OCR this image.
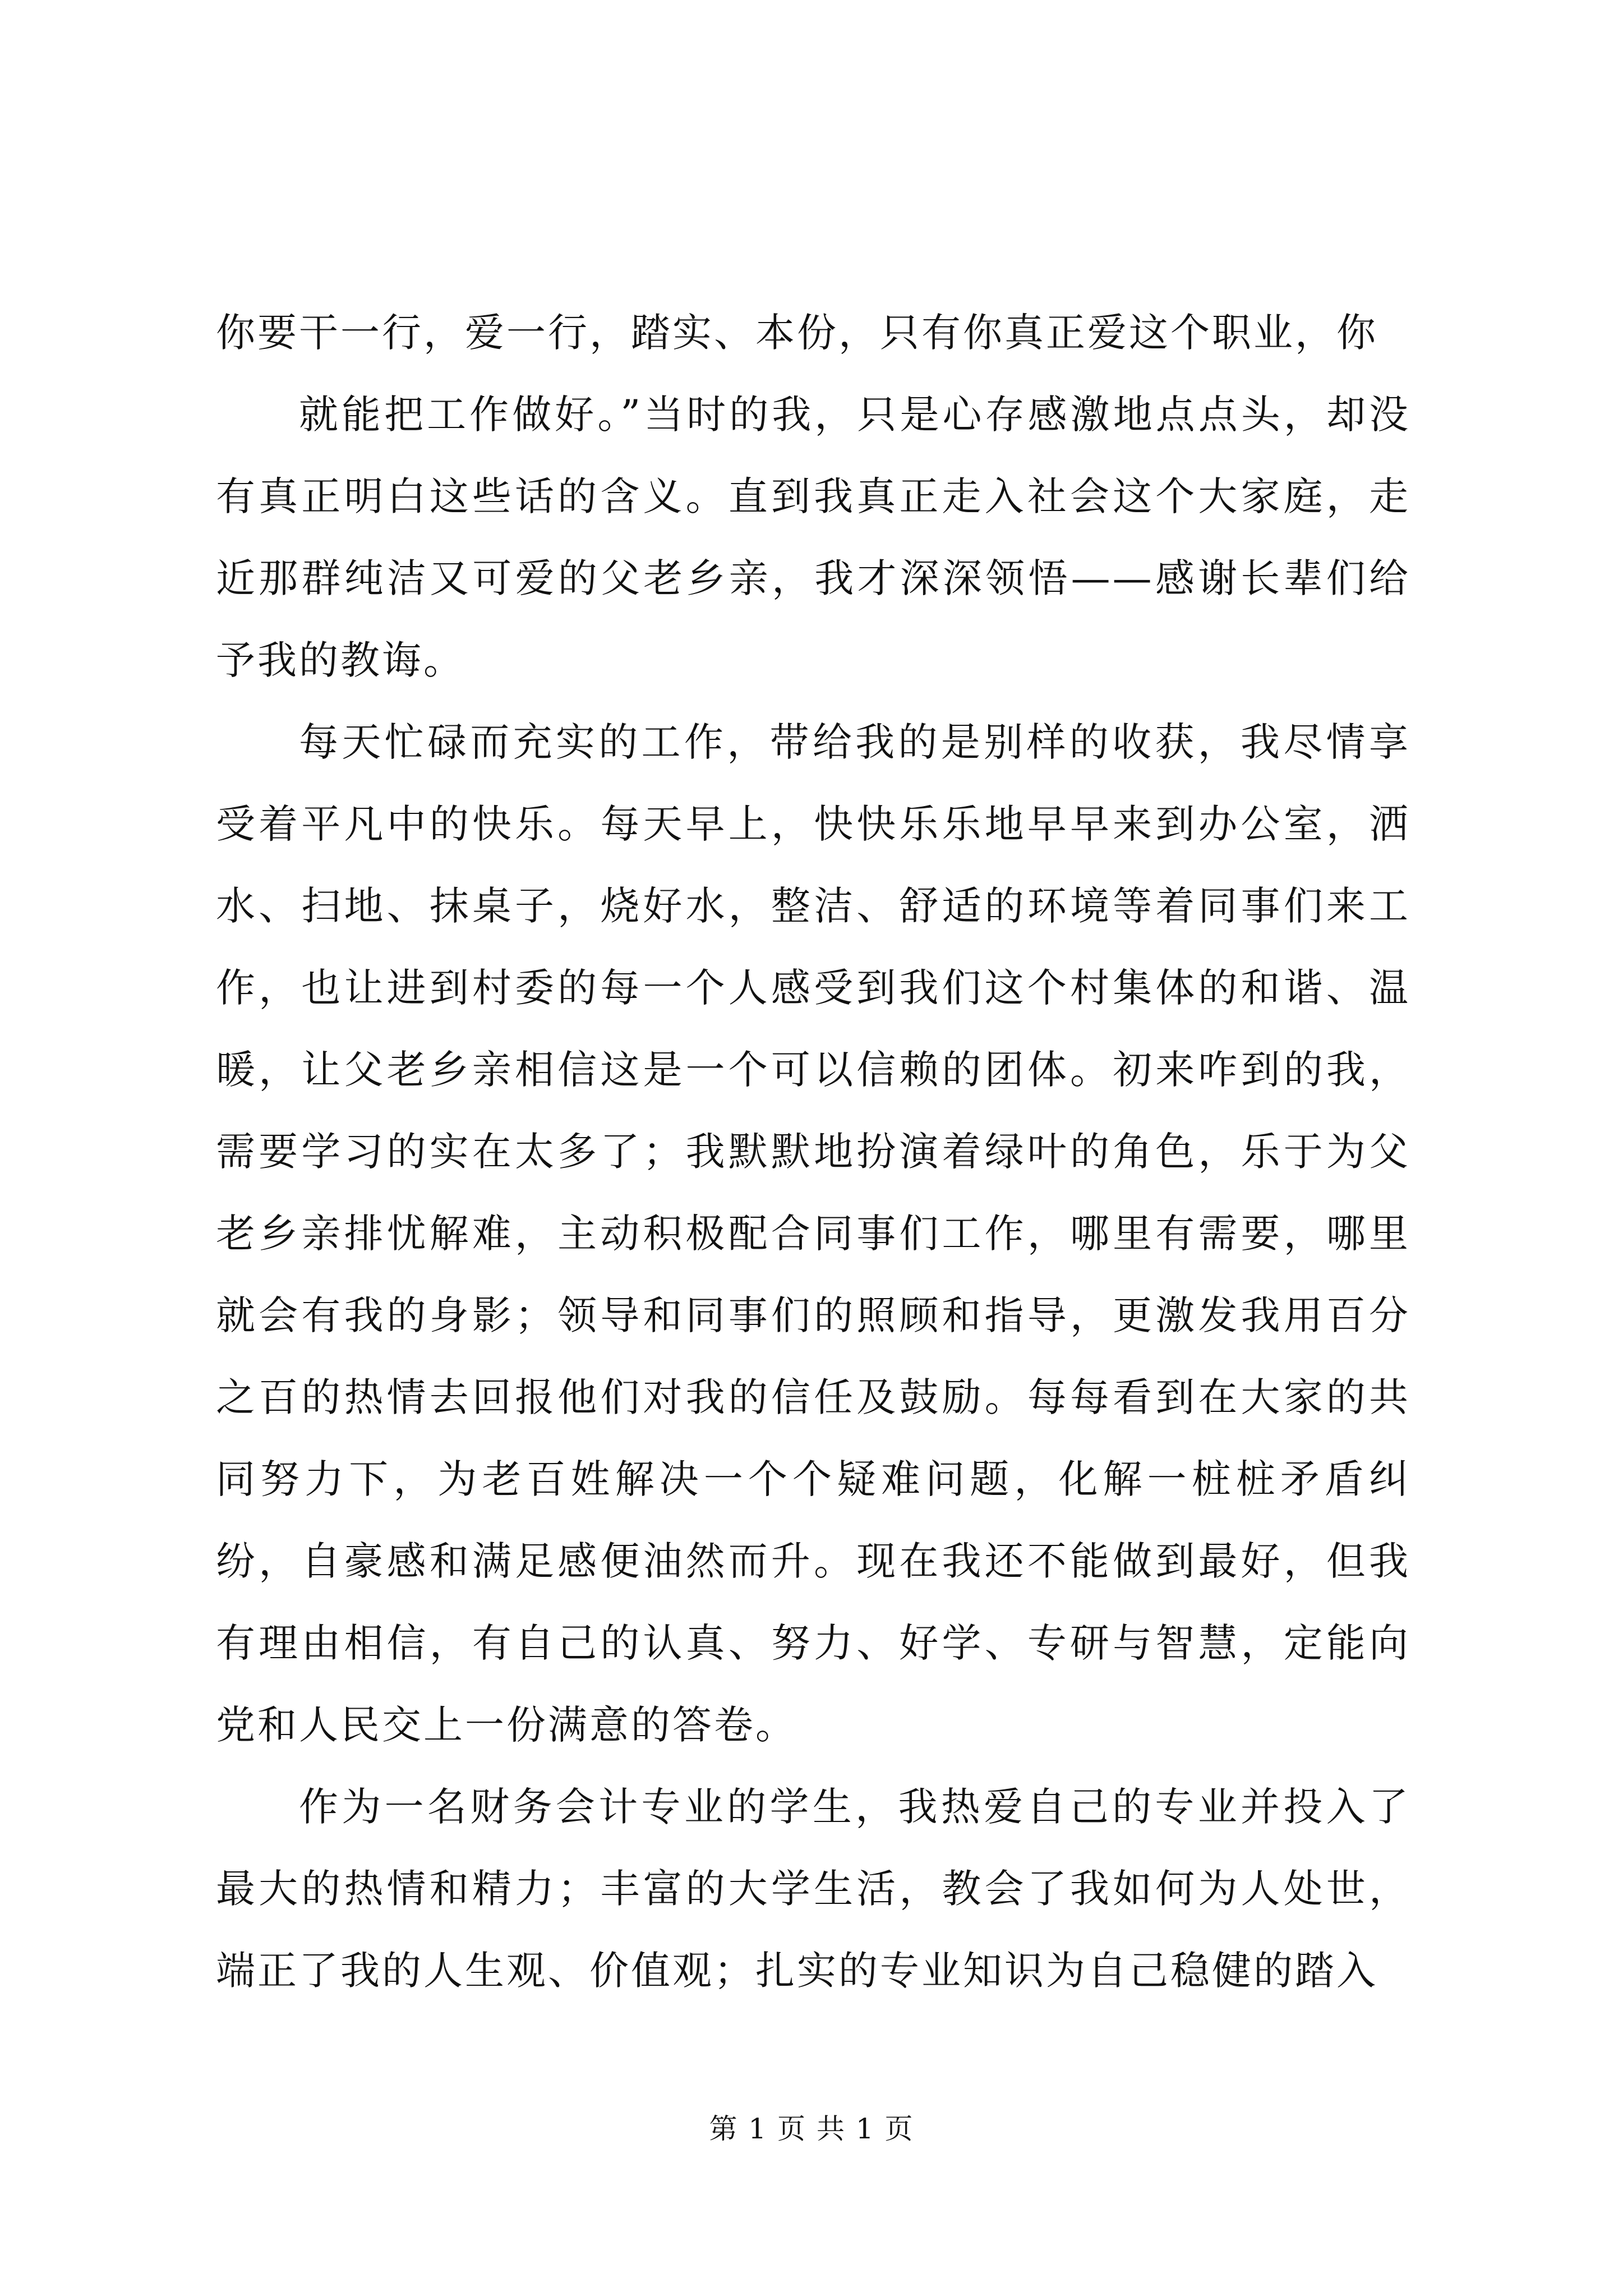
你要干一行，爱一行，踏实、本份，只有你真正爱这个职业，你

就能把工作做好。”当时的我，只是心存感激地点点头，却没有真正明白这些话的含义。直到我真正走入社会这个大家庭，走近那群纯洁又可爱的父老乡亲，我才深深领悟——感谢长辈们给予我的教诲。

每天忙碌而充实的工作，带给我的是别样的收获，我尽情享受着平凡中的快乐。每天早上，快快乐乐地早早来到办公室，洒水、扫地、抹桌子，烧好水，整洁、舒适的环境等着同事们来工作，也让进到村委的每一个人感受到我们这个村集体的和谐、温暖，让父老乡亲相信这是一个可以信赖的团体。初来咋到的我，需要学习的实在太多了；我默默地扮演着绿叶的角色，乐于为父老乡亲排忧解难，主动积极配合同事们工作，哪里有需要，哪里就会有我的身影；领导和同事们的照顾和指导，更激发我用百分之百的热情去回报他们对我的信任及鼓励。每每看到在大家的共同努力下，为老百姓解决一个个疑难问题，化解一桩桩矛盾纠纷，自豪感和满足感便油然而升。现在我还不能做到最好，但我有理由相信，有自己的认真、努力、好学、专研与智慧，定能向党和人民交上一份满意的答卷。

作为一名财务会计专业的学生，我热爱自己的专业并投入了最大的热情和精力；丰富的大学生活，教会了我如何为人处世，端正了我的人生观、价值观；扎实的专业知识为自己稳健的踏入

第 1 页 共 1 页
